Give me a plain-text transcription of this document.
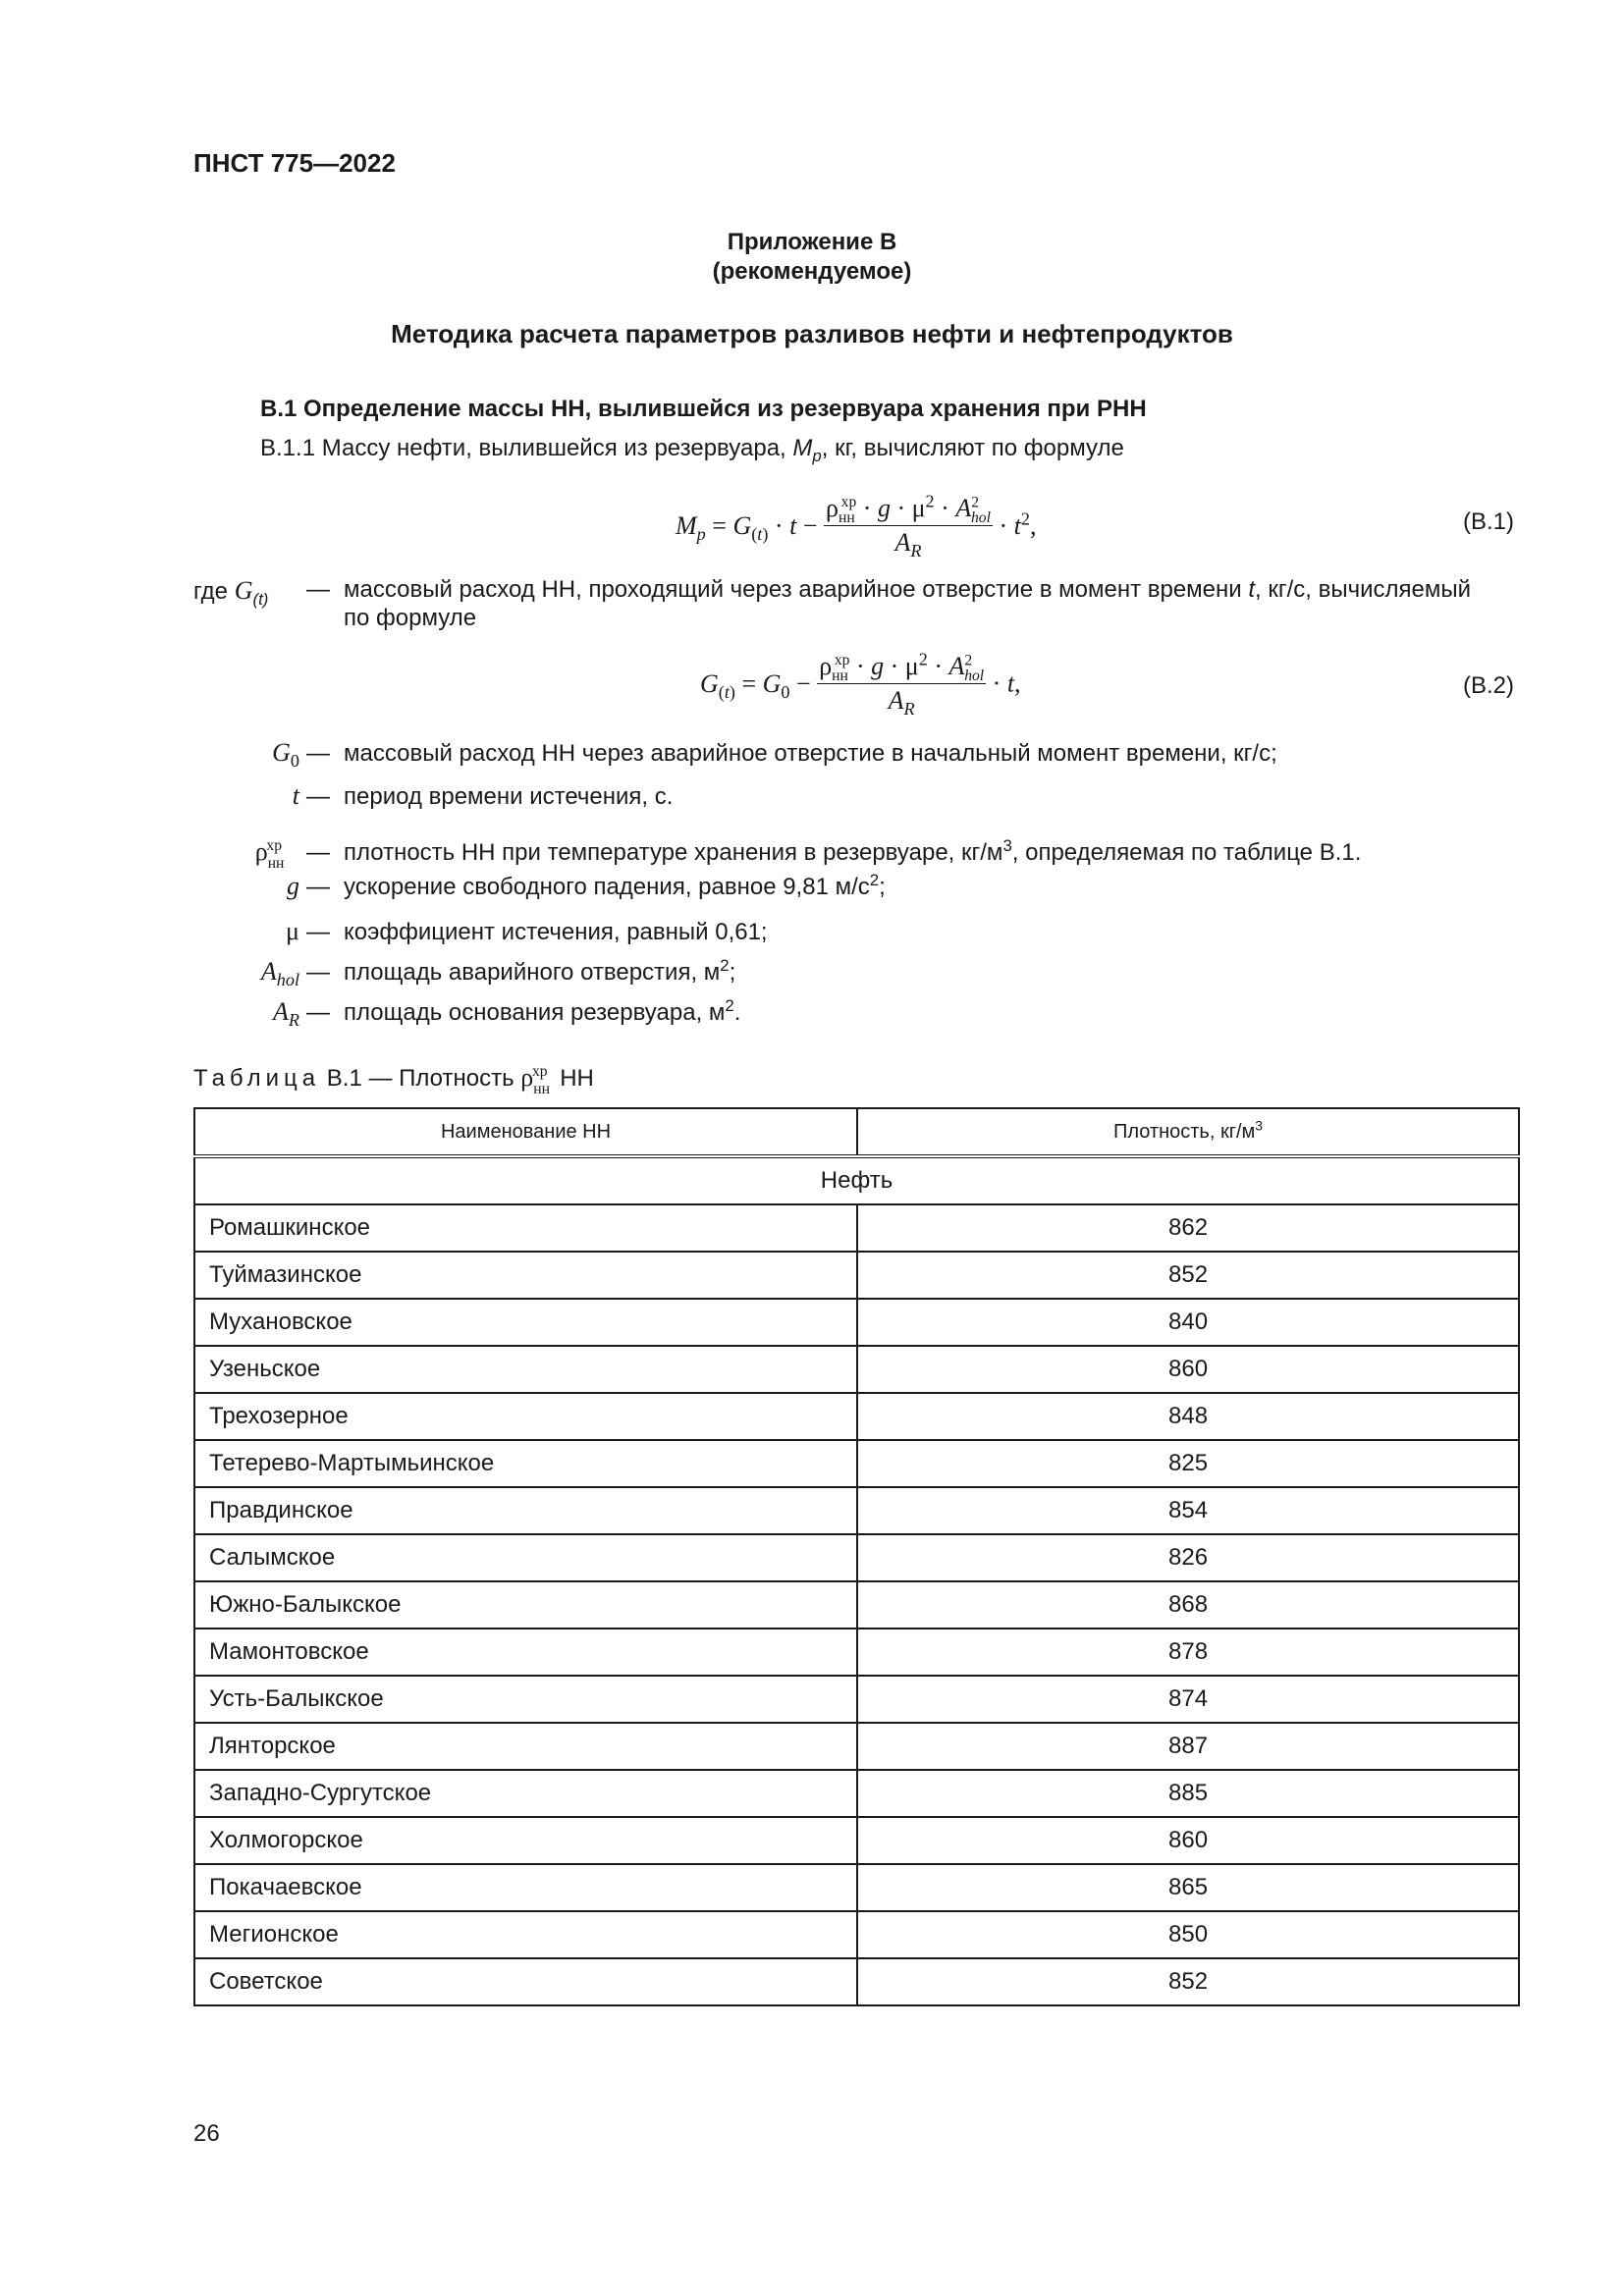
ПНСТ 775—2022
Приложение В
(рекомендуемое)
Методика расчета параметров разливов нефти и нефтепродуктов
В.1 Определение массы НН, вылившейся из резервуара хранения при РНН
В.1.1 Массу нефти, вылившейся из резервуара, $M_p$, кг, вычисляют по формуле
$M_p = G_{(t)} \cdot t - \frac{\rho_{нн}^{хр} \cdot g \cdot \mu^2 \cdot A^2_{hol}}{A_R} \cdot t^2$,	(В.1)
где $G_{(t)}$ — массовый расход НН, проходящий через аварийное отверстие в момент времени t, кг/с, вычисляемый
по формуле
$G_{(t)} = G_0 - \frac{\rho_{нн}^{хр} \cdot g \cdot \mu^2 \cdot A^2_{hol}}{A_R} \cdot t$,	(В.2)
$G_0$ — массовый расход НН через аварийное отверстие в начальный момент времени, кг/с;
t — период времени истечения, с.
$\rho_{нн}^{хр}$	— плотность НН при температуре хранения в резервуаре, $кг/м^3$, определяемая по таблице В.1.
g — ускорение свободного падения, равное 9,81 $м/с^2$;
μ — коэффициент истечения, равный 0,61;
$A_{hol}$ — площадь аварийного отверстия, $м^2$;
$A_R$ — площадь основания резервуара, $м^2$.
Таблица В.1 — Плотность $\rho_{нн}^{хр}$ НН
Наименование НН	Плотность, $кг/м^3$
Нефть	
Ромашкинское	862
Туймазинское	852
Мухановское	840
Узеньское	860
Трехозерное	848
Тетерево-Мартымьинское	825
Правдинское	854
Салымское	826
Южно-Балыкское	868
Мамонтовское	878
Усть-Балыкское	874
Лянторское	887
Западно-Сургутское	885
Холмогорское	860
Покачаевское	865
Мегионское	850
Советское	852
26
